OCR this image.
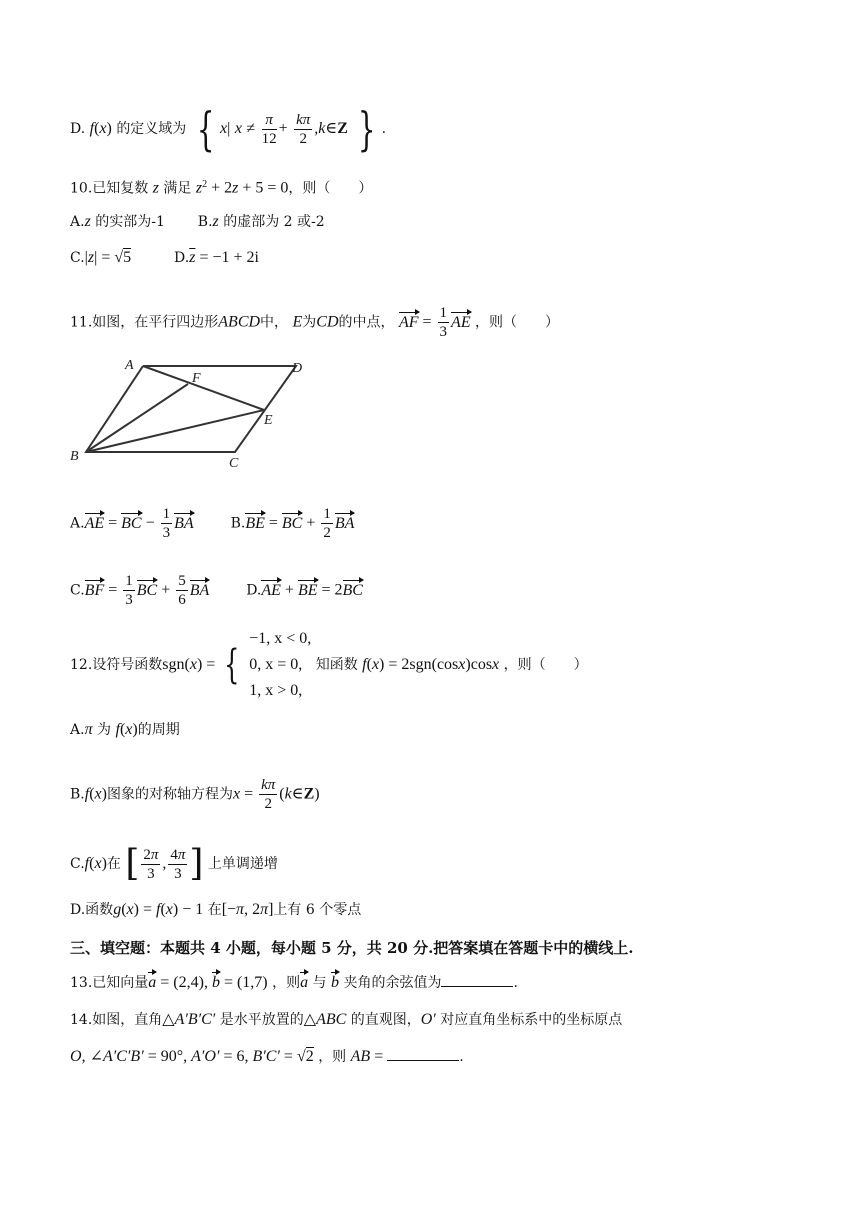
D. f(x) 的定义域为 { x| $x \ne \frac{\pi}{12} + \frac{k\pi}{2}$ ,k∈Z } .
10.已知复数 z 满足 $z^2 + 2z + 5 = 0$，则（　　）
A.z 的实部为-1 B.z 的虚部为 2 或-2
C.|z| = √5	$D.\overline{z} = -1 + 2i$
11.如图，在平行四边形ABCD中， E为CD的中点， AF = $\frac{1}{3}$ AE ，则（　　）
A	D
F
E
B	C
A.AE = BC − $\frac{1}{3}$ BA	B.BE = BC + $\frac{1}{2}$ BA
$C.BF = \frac{1}{3}$ BC + $\frac{5}{6}$ BA	D.AE + BE = 2BC
12.设符号函数sgn(x) = {
−1, x < 0,
0, x = 0,
1, x > 0,
知函数 f(x) = 2sgn(cosx)cosx ，则（　　）
A.π 为 f(x)的周期
B.f(x)图象的对称轴方程为$x = \frac{k\pi}{2}$ (k∈Z)
C.f(x)在 [ $\frac{2\pi}{3}$ , $\frac{4\pi}{3}$ ] 上单调递增
D.函数g(x) = f(x) − 1 在[−π, 2π]上有 6 个零点
三、填空题：本题共 4 小题，每小题 5 分，共 20 分.把答案填在答题卡中的横线上.
13.已知向量a = (2,4), b = (1,7) ，则a 与 b 夹角的余弦值为	.
14.如图，直角△A′B′C′ 是水平放置的△ABC 的直观图，O′ 对应直角坐标系中的坐标原点
O, ∠A′C′B′ = 90°, A′O′ = 6, B′C′ = √2 ，则 AB =	.
